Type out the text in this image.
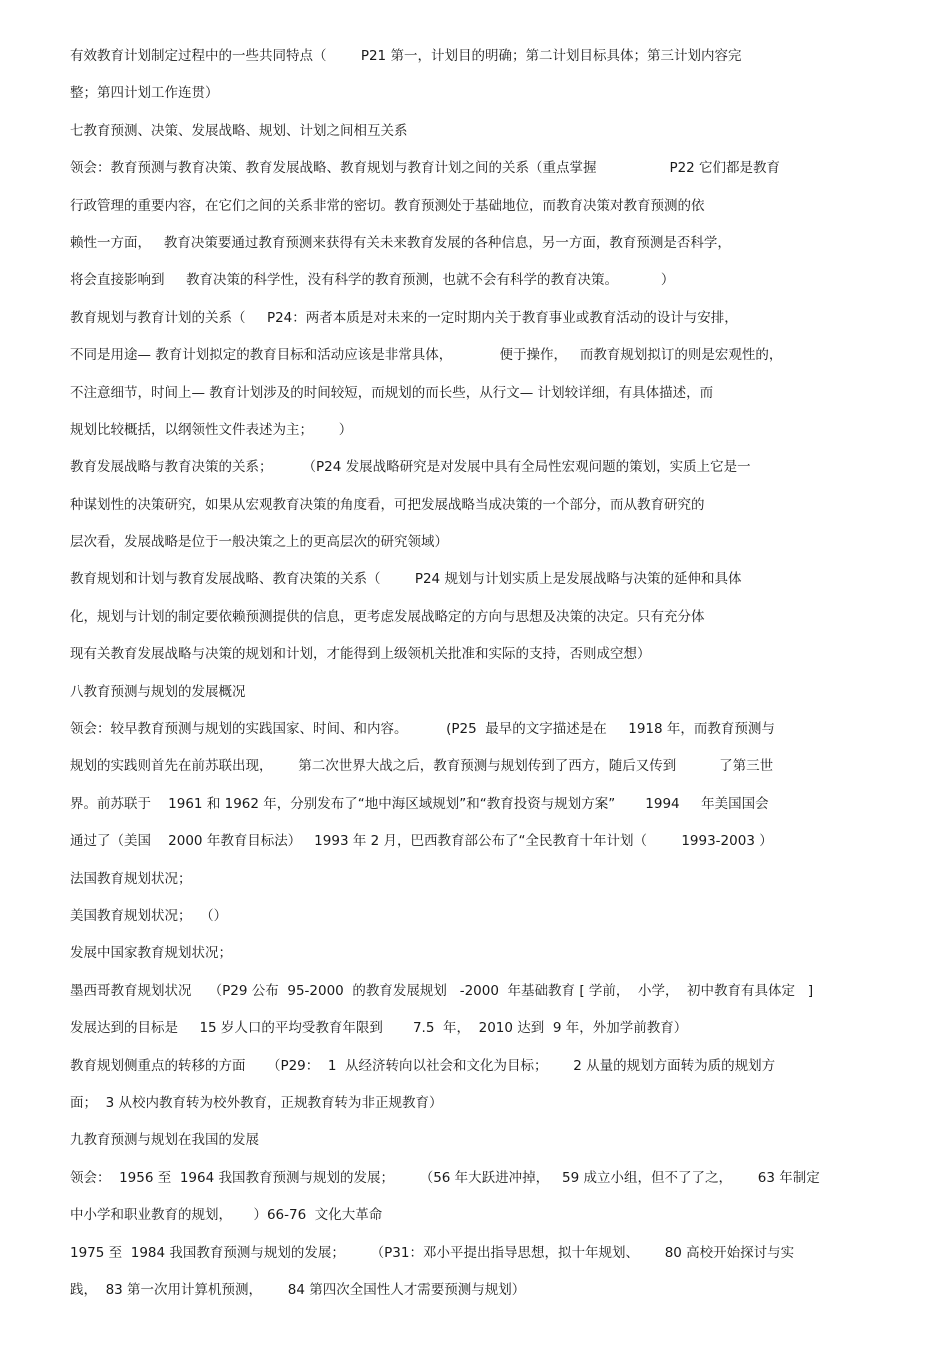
有效教育计划制定过程中的一些共同特点（        P21 第一，计划目的明确；第二计划目标具体；第三计划内容完
整；第四计划工作连贯）
七教育预测、决策、发展战略、规划、计划之间相互关系
领会：教育预测与教育决策、教育发展战略、教育规划与教育计划之间的关系（重点掌握                 P22 它们都是教育
行政管理的重要内容，在它们之间的关系非常的密切。教育预测处于基础地位，而教育决策对教育预测的依
赖性一方面，   教育决策要通过教育预测来获得有关未来教育发展的各种信息，另一方面，教育预测是否科学，
将会直接影响到     教育决策的科学性，没有科学的教育预测，也就不会有科学的教育决策。          ）
教育规划与教育计划的关系（     P24：两者本质是对未来的一定时期内关于教育事业或教育活动的设计与安排，
不同是用途— 教育计划拟定的教育目标和活动应该是非常具体，           便于操作，   而教育规划拟订的则是宏观性的，
不注意细节，时间上— 教育计划涉及的时间较短，而规划的而长些，从行文— 计划较详细，有具体描述，而
规划比较概括，以纲领性文件表述为主；      ）
教育发展战略与教育决策的关系；       （P24 发展战略研究是对发展中具有全局性宏观问题的策划，实质上它是一
种谋划性的决策研究，如果从宏观教育决策的角度看，可把发展战略当成决策的一个部分，而从教育研究的
层次看，发展战略是位于一般决策之上的更高层次的研究领域）
教育规划和计划与教育发展战略、教育决策的关系（        P24 规划与计划实质上是发展战略与决策的延伸和具体
化，规划与计划的制定要依赖预测提供的信息，更考虑发展战略定的方向与思想及决策的决定。只有充分体
现有关教育发展战略与决策的规划和计划，才能得到上级领机关批准和实际的支持，否则成空想）
八教育预测与规划的发展概况
领会：较早教育预测与规划的实践国家、时间、和内容。         (P25  最早的文字描述是在     1918 年，而教育预测与
规划的实践则首先在前苏联出现，      第二次世界大战之后，教育预测与规划传到了西方，随后又传到          了第三世
界。前苏联于    1961 和 1962 年，分别发布了“地中海区域规划”和“教育投资与规划方案”       1994     年美国国会
通过了（美国    2000 年教育目标法）   1993 年 2 月，巴西教育部公布了“全民教育十年计划（        1993-2003 ）
法国教育规划状况；
美国教育规划状况；  （）
发展中国家教育规划状况；
墨西哥教育规划状况    （P29 公布  95-2000  的教育发展规划   -2000  年基础教育 [ 学前，  小学，  初中教育有具体定   ]
发展达到的目标是     15 岁人口的平均受教育年限到       7.5  年，  2010 达到  9 年，外加学前教育）
教育规划侧重点的转移的方面     （P29：  1  从经济转向以社会和文化为目标；      2 从量的规划方面转为质的规划方
面；  3 从校内教育转为校外教育，正规教育转为非正规教育）
九教育预测与规划在我国的发展
领会：  1956 至  1964 我国教育预测与规划的发展；      （56 年大跃进冲掉，   59 成立小组，但不了了之，      63 年制定
中小学和职业教育的规划，     ）66-76  文化大革命
1975 至  1984 我国教育预测与规划的发展；      （P31：邓小平提出指导思想，拟十年规划、      80 高校开始探讨与实
践，  83 第一次用计算机预测，      84 第四次全国性人才需要预测与规划）
